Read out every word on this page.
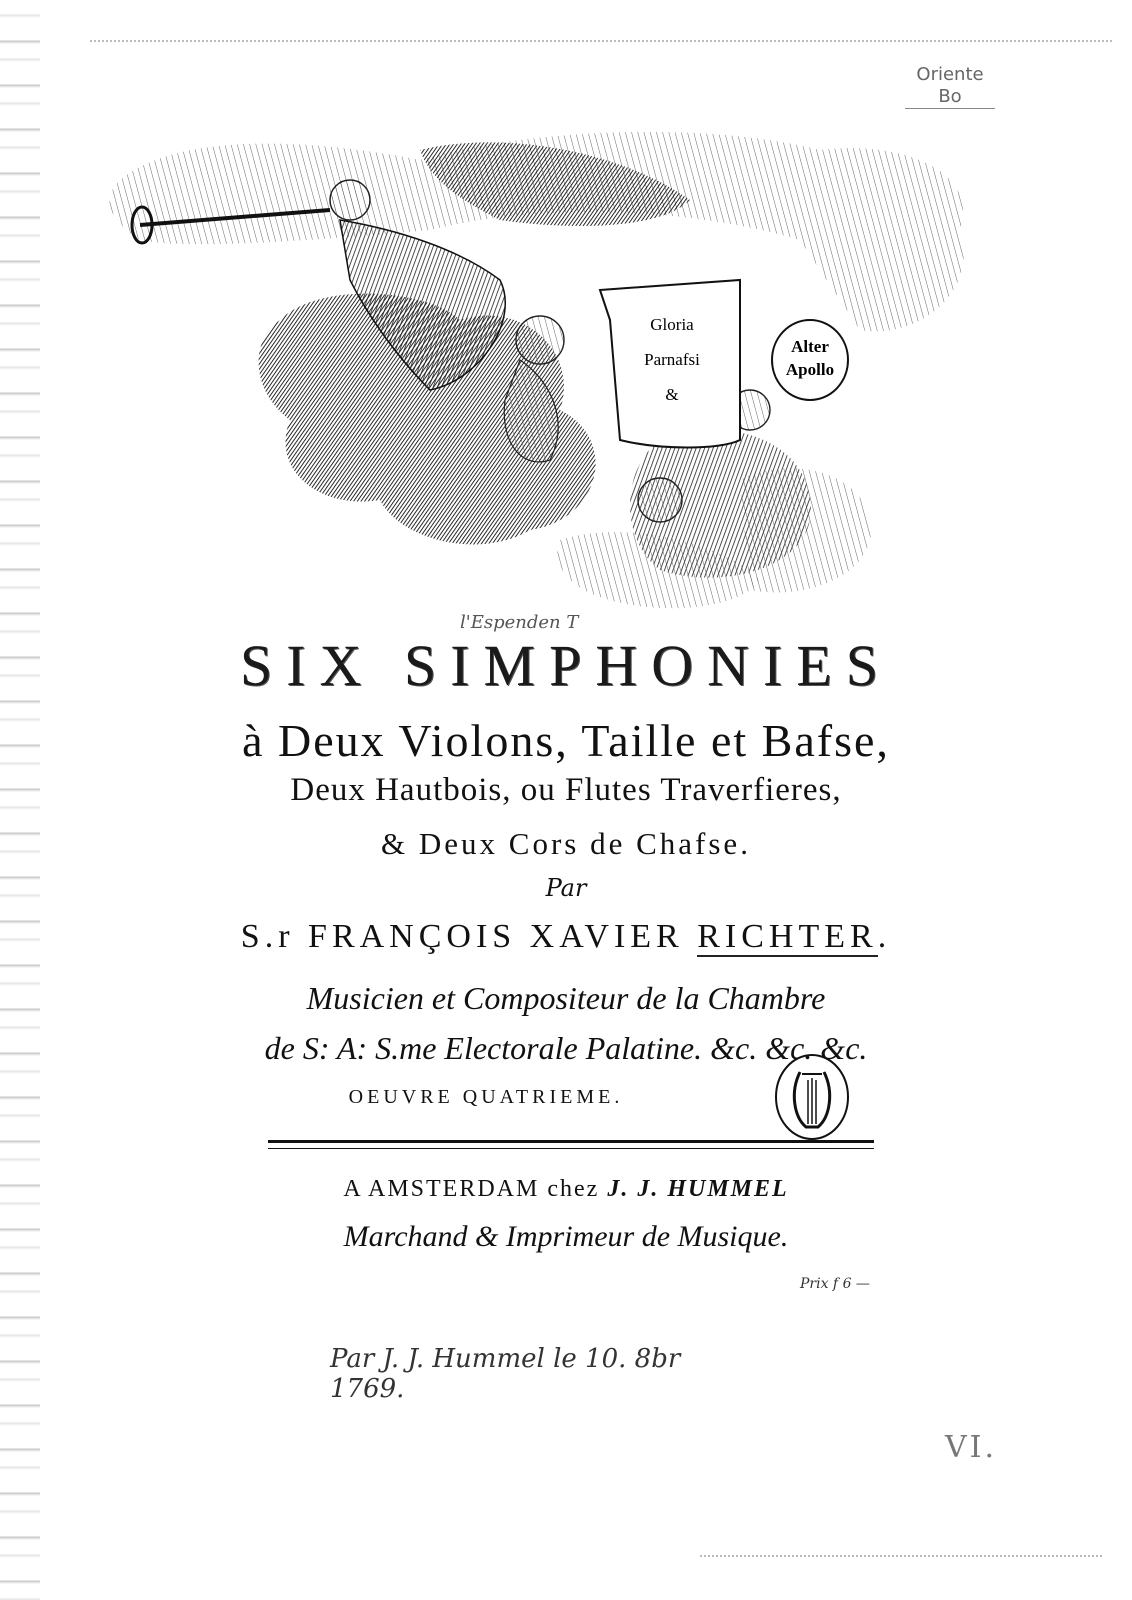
Oriente
Bo
Gloria
Parnafsi
&
Alter
Apollo
l'Espenden T
SIX SIMPHONIES
à Deux Violons, Taille et Bafse,
Deux Hautbois, ou Flutes Traverfieres,
& Deux Cors de Chafse.
Par
S.r FRANÇOIS XAVIER RICHTER.
Musicien et Compositeur de la Chambre
de S: A: S.me Electorale Palatine. &c. &c. &c.
OEUVRE QUATRIEME.
A AMSTERDAM chez J. J. HUMMEL
Marchand & Imprimeur de Musique.
Prix f 6 —
Par J. J. Hummel le 10. 8br 1769.
VI.
